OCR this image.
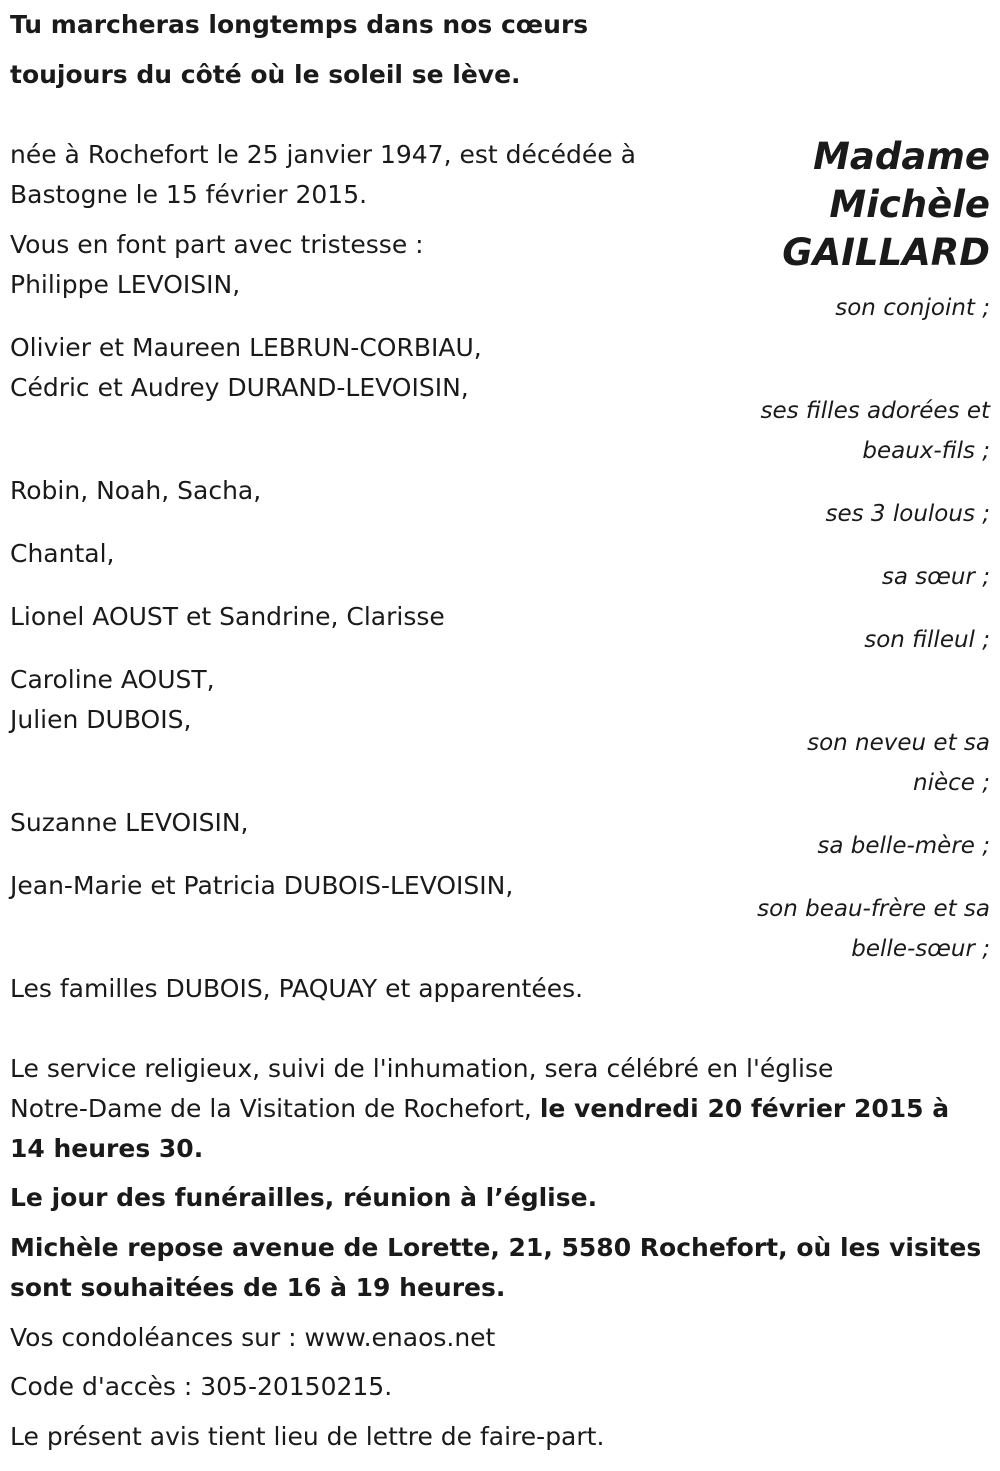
Tu marcheras longtemps dans nos cœurs
toujours du côté où le soleil se lève.
Madame
Michèle
GAILLARD
née à Rochefort le 25 janvier 1947, est décédée à
Bastogne le 15 février 2015.
Vous en font part avec tristesse :
Philippe LEVOISIN,
Olivier et Maureen LEBRUN-CORBIAU,
Cédric et Audrey DURAND-LEVOISIN,
Robin, Noah, Sacha,
Chantal,
Lionel AOUST et Sandrine, Clarisse
Caroline AOUST,
Julien DUBOIS,
Suzanne LEVOISIN,
Jean-Marie et Patricia DUBOIS-LEVOISIN,
Les familles DUBOIS, PAQUAY et apparentées.
son conjoint ;
ses filles adorées et
beaux-fils ;
ses 3 loulous ;
sa sœur ;
son filleul ;
son neveu et sa
nièce ;
sa belle-mère ;
son beau-frère et sa
belle-sœur ;
Le service religieux, suivi de l'inhumation, sera célébré en l'église
Notre-Dame de la Visitation de Rochefort, le vendredi 20 février 2015 à
14 heures 30.
Le jour des funérailles, réunion à l’église.
Michèle repose avenue de Lorette, 21, 5580 Rochefort, où les visites
sont souhaitées de 16 à 19 heures.
Vos condoléances sur : www.enaos.net
Code d'accès : 305-20150215.
Le présent avis tient lieu de lettre de faire-part.
